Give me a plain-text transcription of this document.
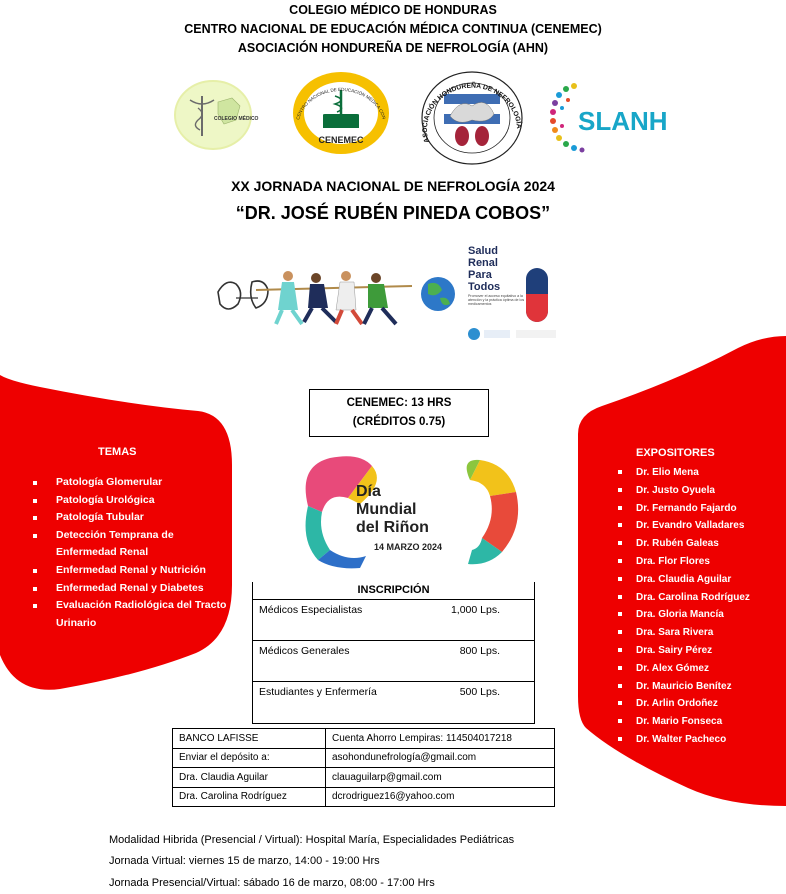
COLEGIO MÉDICO DE HONDURAS
CENTRO NACIONAL DE EDUCACIÓN MÉDICA CONTINUA (CENEMEC)
ASOCIACIÓN HONDUREÑA DE NEFROLOGÍA (AHN)
COLEGIO MÉDICO
CENEMEC
CENTRO NACIONAL DE EDUCACIÓN MÉDICA CON
ASOCIACIÓN HONDUREÑA DE NEFROLOGÍA SLANH
XX JORNADA NACIONAL DE NEFROLOGÍA 2024
“DR. JOSÉ RUBÉN PINEDA COBOS”
Salud
Renal
Para
Todos
Promover el acceso equitativo a la atención y la práctica óptima de los medicamentos
TEMAS
Patología Glomerular
Patología Urológica
Patología Tubular
Detección Temprana de Enfermedad Renal
Enfermedad Renal y Nutrición
Enfermedad Renal y Diabetes
Evaluación Radiológica del Tracto Urinario
EXPOSITORES
Dr. Elio Mena
Dr. Justo Oyuela
Dr. Fernando Fajardo
Dr. Evandro Valladares
Dr. Rubén Galeas
Dra. Flor Flores
Dra. Claudia Aguilar
Dra. Carolina Rodríguez
Dra. Gloria Mancía
Dra. Sara Rivera
Dra. Sairy Pérez
Dr. Alex Gómez
Dr. Mauricio Benítez
Dr. Arlin Ordoñez
Dr. Mario Fonseca
Dr. Walter Pacheco
CENEMEC: 13 HRS
(CRÉDITOS 0.75)
Día
Mundial
del Riñon
14 MARZO 2024
INSCRIPCIÓN
Médicos Especialistas	1,000 Lps.
Médicos Generales	800 Lps.
Estudiantes y Enfermería	500 Lps.
BANCO LAFISSE	Cuenta Ahorro Lempiras: 114504017218
Enviar el depósito a:	asohondunefrología@gmail.com
Dra. Claudia Aguilar	clauaguilarp@gmail.com
Dra. Carolina Rodríguez	dcrodriguez16@yahoo.com
Modalidad Hibrida (Presencial / Virtual): Hospital María, Especialidades Pediátricas
Jornada Virtual: viernes 15 de marzo, 14:00 - 19:00 Hrs
Jornada Presencial/Virtual: sábado 16 de marzo, 08:00 - 17:00 Hrs
